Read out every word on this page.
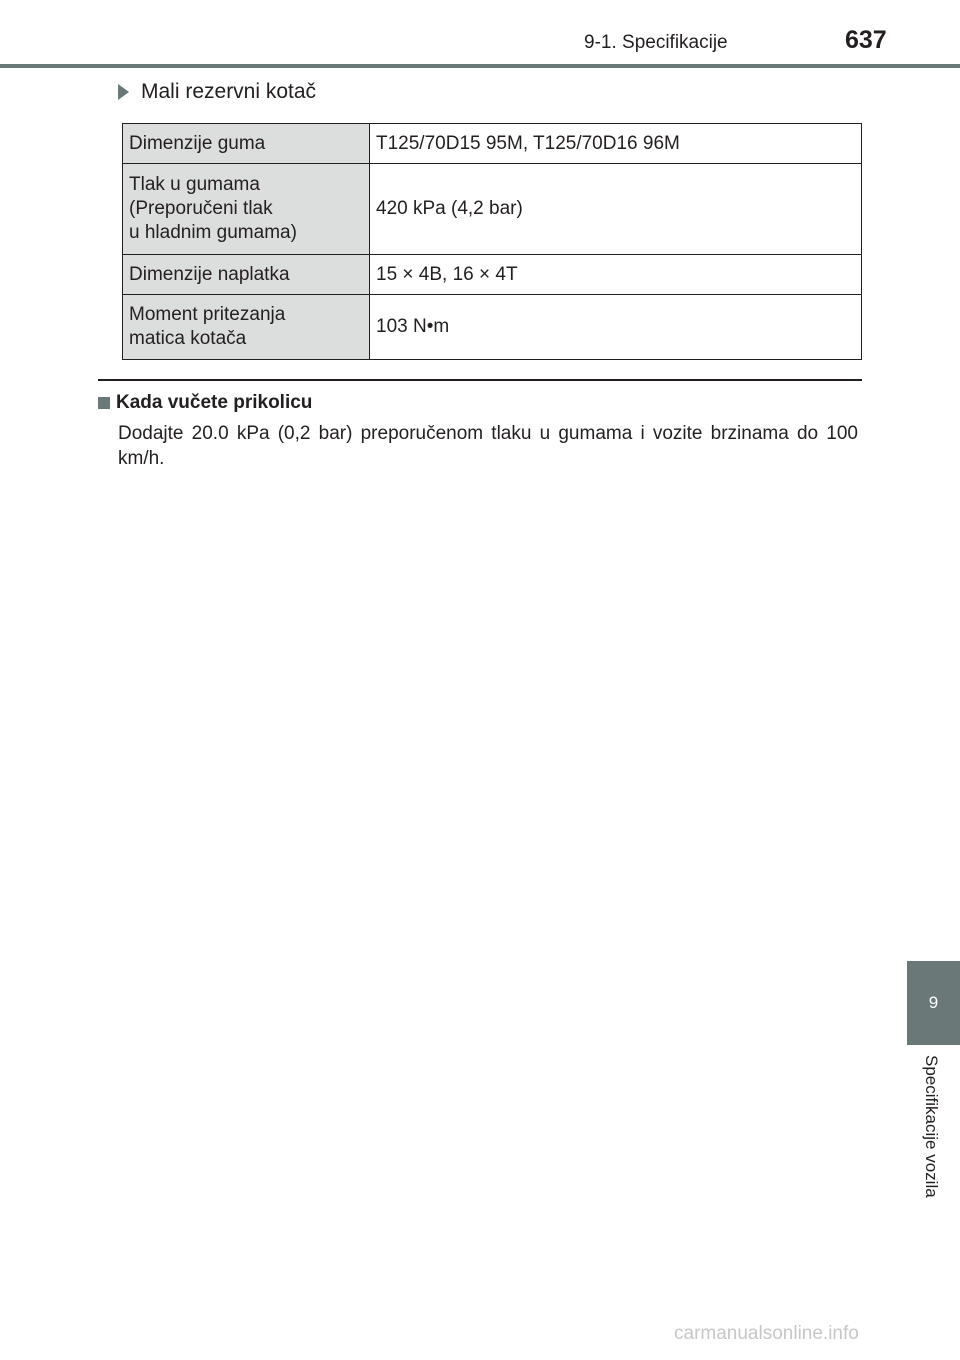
9-1. Specifikacije	637
Mali rezervni kotač
Dimenzije guma	T125/70D15 95M, T125/70D16 96M

Tlak u gumama
(Preporučeni tlak
u hladnim gumama)	420 kPa (4,2 bar)
Dimenzije naplatka	15 × 4B, 16 × 4T

Moment pritezanja
matica kotača	103 N•m
Kada vučete prikolicu
Dodajte 20.0 kPa (0,2 bar) preporučenom tlaku u gumama i vozite brzinama do 100 km/h.
9
Specifikacije vozila
carmanualsonline.info
